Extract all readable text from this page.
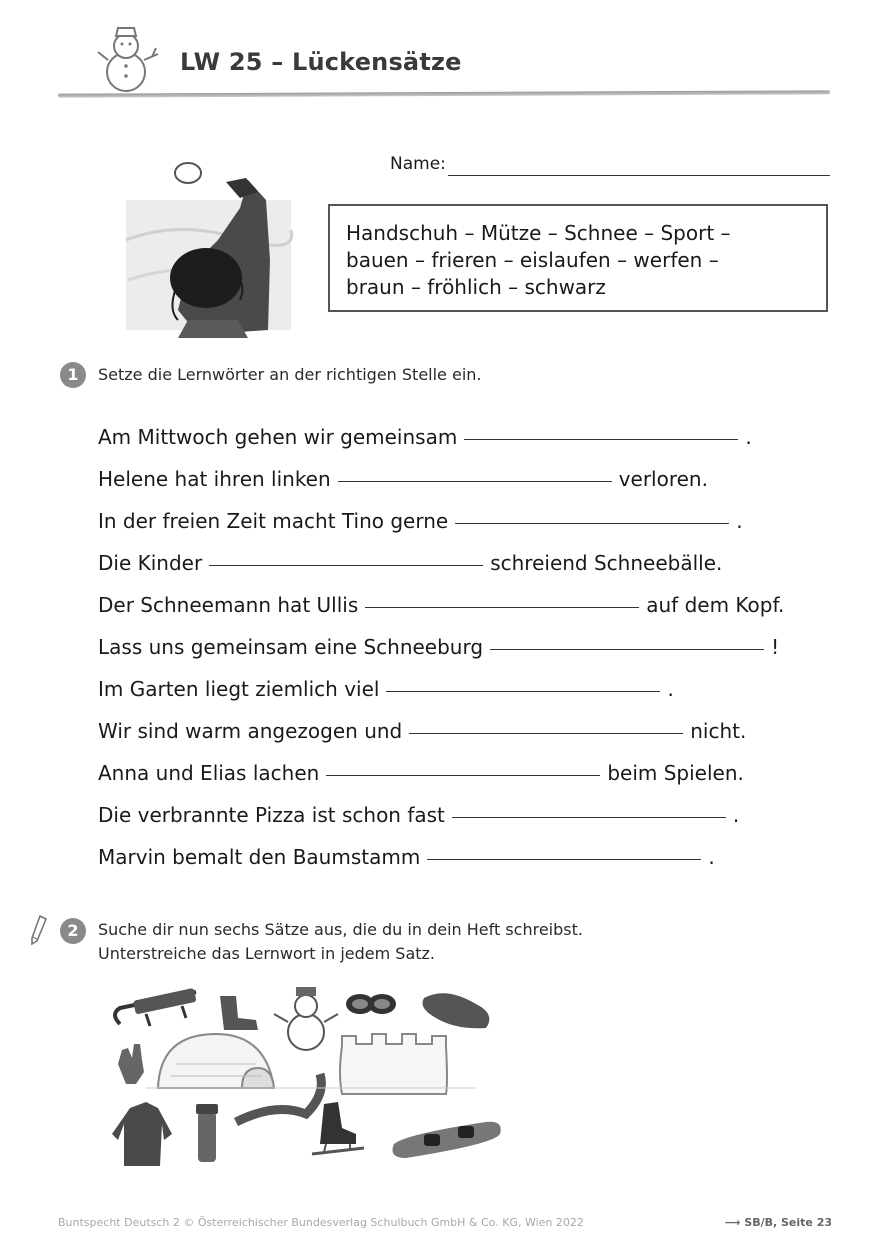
LW 25 – Lückensätze
Name:
Handschuh – Mütze – Schnee – Sport –
bauen – frieren – eislaufen – werfen –
braun – fröhlich – schwarz
1	Setze die Lernwörter an der richtigen Stelle ein.
Am Mittwoch gehen wir gemeinsam	.
Helene hat ihren linken	verloren.
In der freien Zeit macht Tino gerne	.
Die Kinder	schreiend Schneebälle.
Der Schneemann hat Ullis	auf dem Kopf.
Lass uns gemeinsam eine Schneeburg	!
Im Garten liegt ziemlich viel	.
Wir sind warm angezogen und	nicht.
Anna und Elias lachen	beim Spielen.
Die verbrannte Pizza ist schon fast	.
Marvin bemalt den Baumstamm	.
2	Suche dir nun sechs Sätze aus, die du in dein Heft schreibst.
Unterstreiche das Lernwort in jedem Satz.
Buntspecht Deutsch 2 © Österreichischer Bundesverlag Schulbuch GmbH & Co. KG, Wien 2022	⟶ SB/B, Seite 23
